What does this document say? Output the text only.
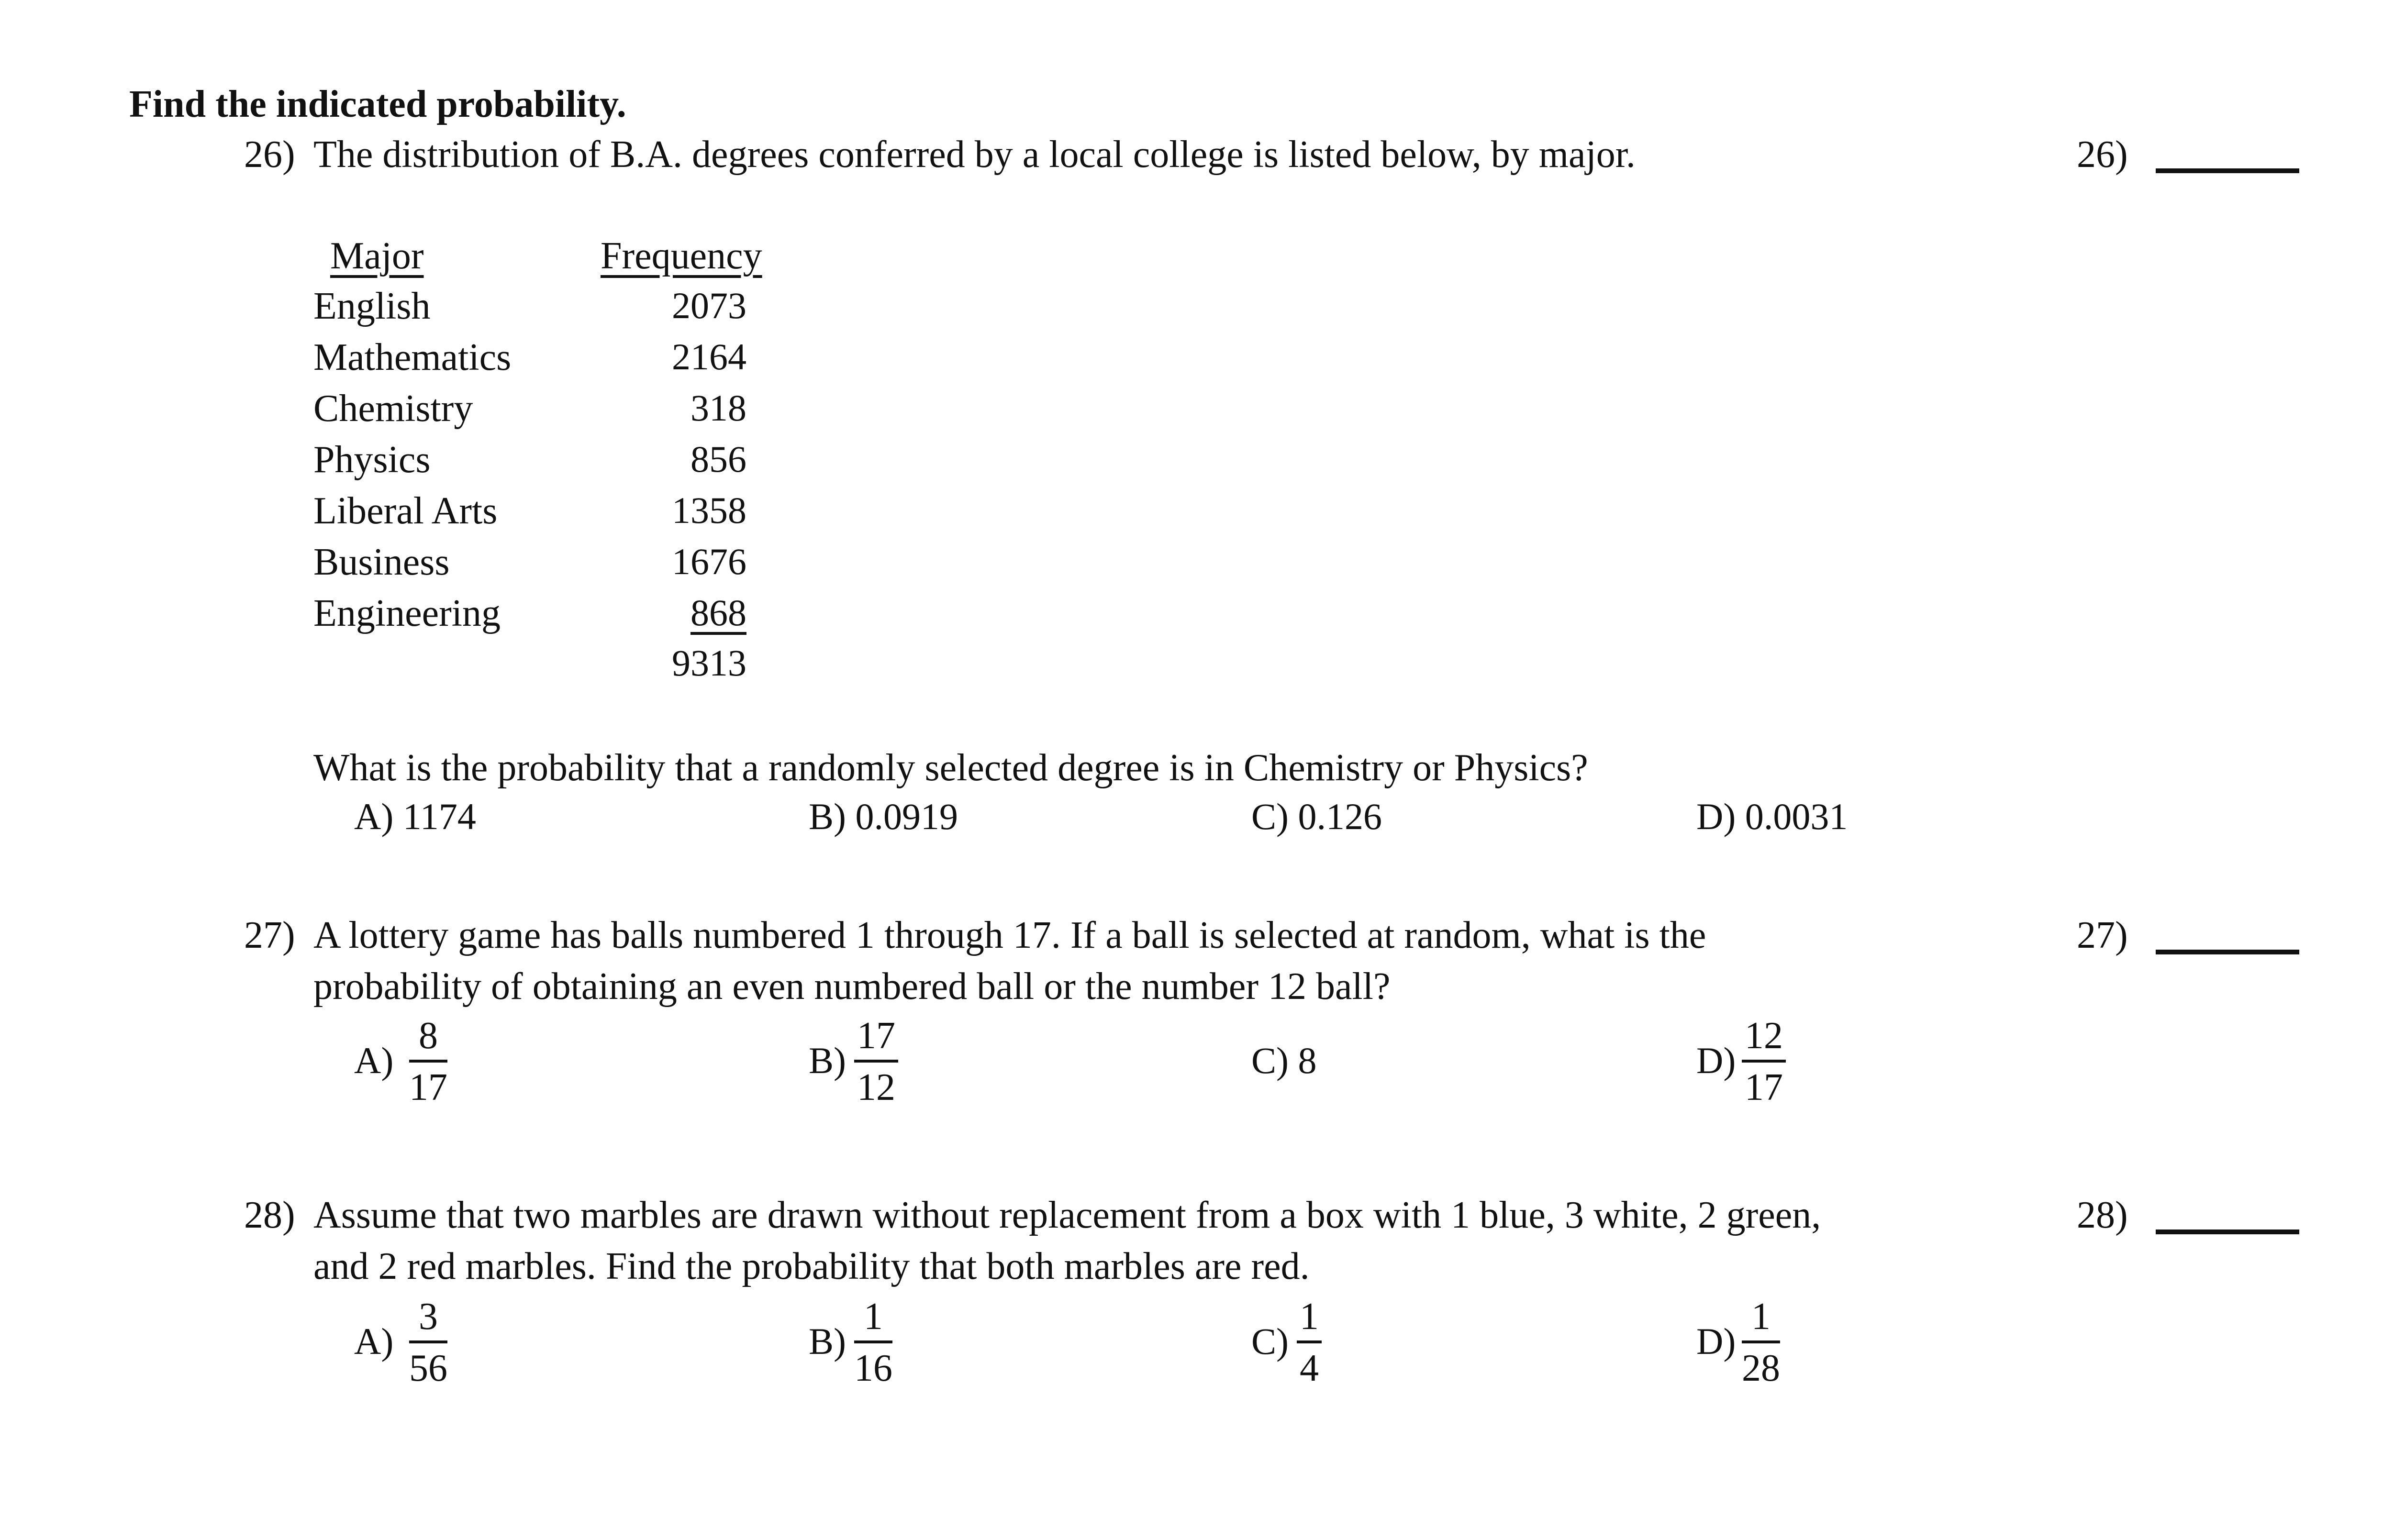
Find the indicated probability.
26) The distribution of B.A. degrees conferred by a local college is listed below, by major.	26)
Major	Frequency
English	2073
Mathematics	2164
Chemistry	318
Physics	856
Liberal Arts	1358
Business	1676
Engineering	868
9313
What is the probability that a randomly selected degree is in Chemistry or Physics?
A) 1174	B) 0.0919	C) 0.126	D) 0.0031
27) A lottery game has balls numbered 1 through 17. If a ball is selected at random, what is the
probability of obtaining an even numbered ball or the number 12 ball?
27)
A)
8
17
B)
17
12
C) 8	D)
12
17
28) Assume that two marbles are drawn without replacement from a box with 1 blue, 3 white, 2 green,
and 2 red marbles. Find the probability that both marbles are red.
28)
A)
3
56
B)
1
16
C)
1
4
D)
1
28
